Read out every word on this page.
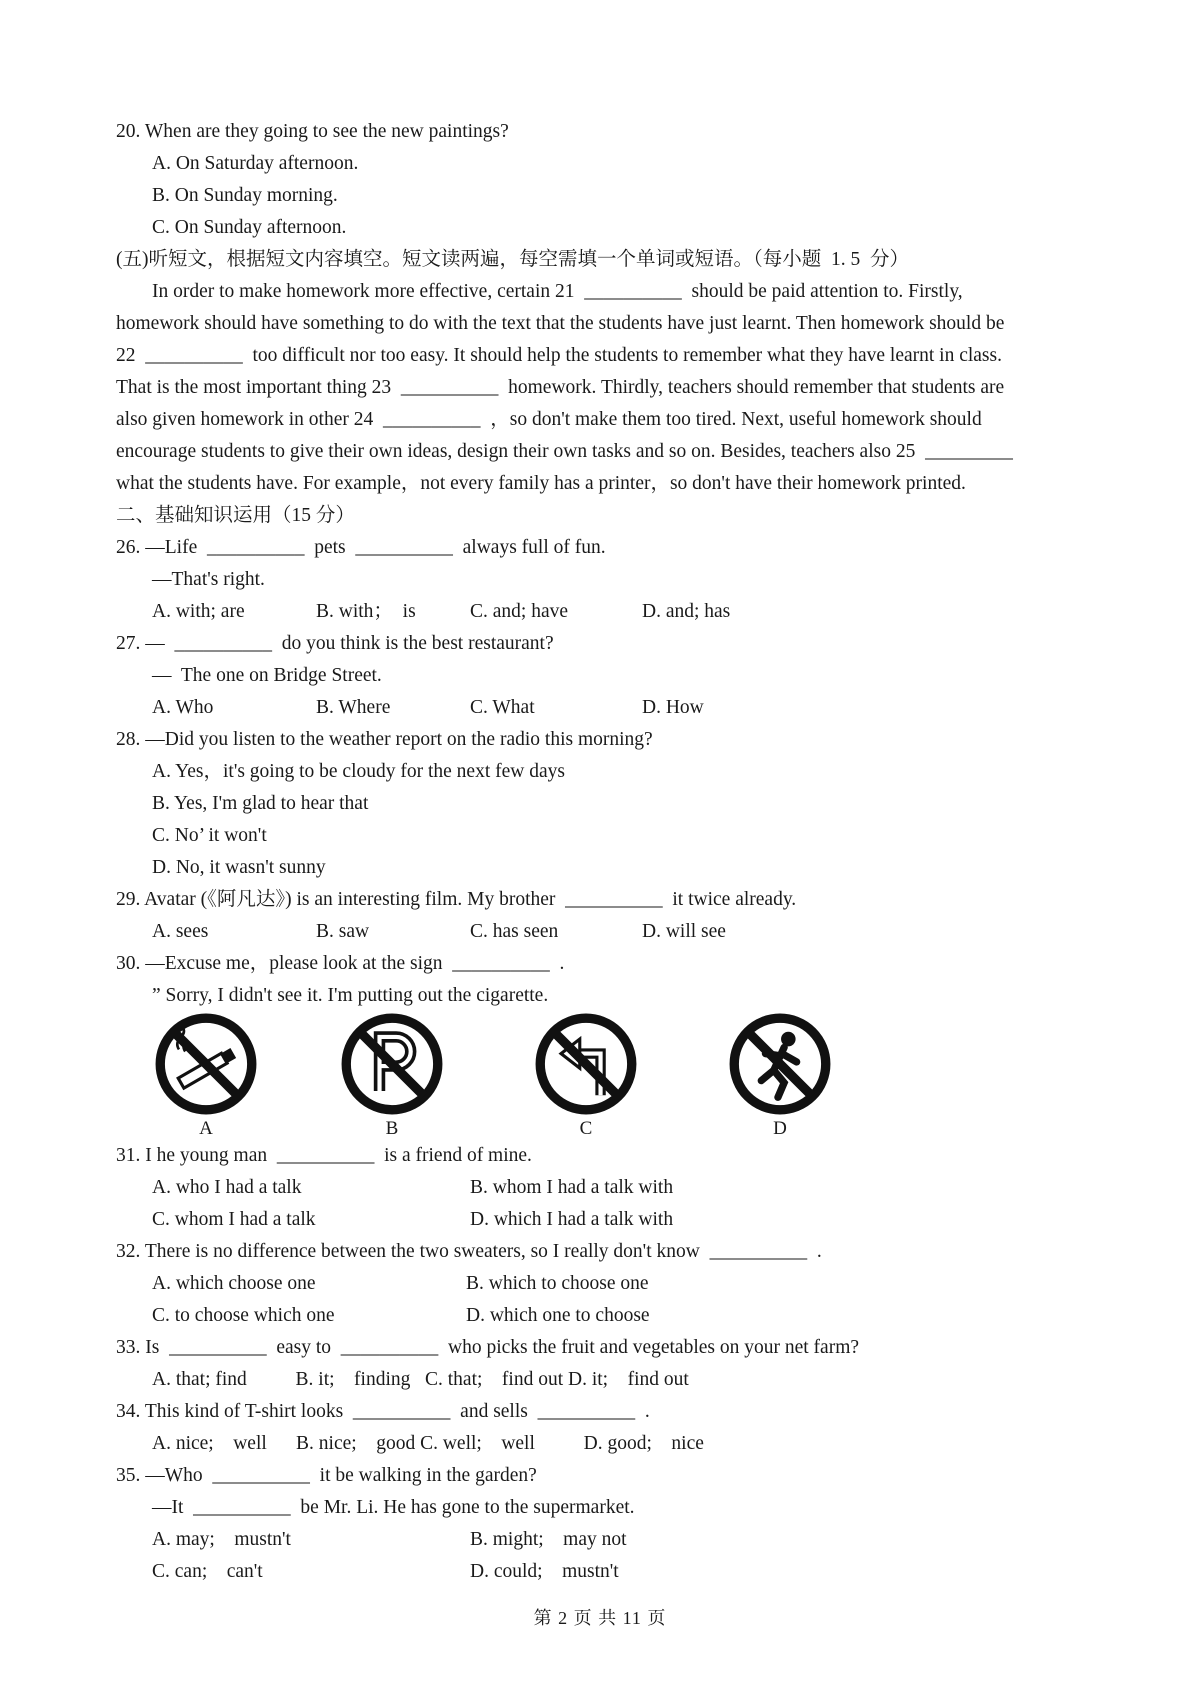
20. When are they going to see the new paintings?
A. On Saturday afternoon.
B. On Sunday morning.
C. On Sunday afternoon.
(五)听短文，根据短文内容填空。短文读两遍，每空需填一个单词或短语。（每小题  1. 5  分）
In order to make homework more effective, certain 21  __________  should be paid attention to. Firstly,
homework should have something to do with the text that the students have just learnt. Then homework should be
22  __________  too difficult nor too easy. It should help the students to remember what they have learnt in class.
That is the most important thing 23  __________  homework. Thirdly, teachers should remember that students are
also given homework in other 24  __________  ，so don't make them too tired. Next, useful homework should
encourage students to give their own ideas, design their own tasks and so on. Besides, teachers also 25  _________
what the students have. For example，not every family has a printer，so don't have their homework printed.
二、基础知识运用（15 分）
26. —Life  __________  pets  __________  always full of fun.
—That's right.
A. with; are	B. with；  is	C. and; have	D. and; has
27. —  __________  do you think is the best restaurant?
—  The one on Bridge Street.
A. Who	B. Where	C. What	D. How
28. —Did you listen to the weather report on the radio this morning?
A. Yes，it's going to be cloudy for the next few days
B. Yes, I'm glad to hear that
C. No’ it won't
D. No, it wasn't sunny
29. Avatar (《阿凡达》) is an interesting film. My brother  __________  it twice already.
A. sees	B. saw	C. has seen	D. will see
30. —Excuse me，please look at the sign  __________  .
” Sorry, I didn't see it. I'm putting out the cigarette.
A	B	C	D
31. I he young man  __________  is a friend of mine.
A. who I had a talk	B. whom I had a talk with
C. whom I had a talk	D. which I had a talk with
32. There is no difference between the two sweaters, so I really don't know  __________  .
A. which choose one	B. which to choose one
C. to choose which one	D. which one to choose
33. Is  __________  easy to  __________  who picks the fruit and vegetables on your net farm?
A. that; find          B. it;    finding   C. that;    find out D. it;    find out
34. This kind of T-shirt looks  __________  and sells  __________  .
A. nice;    well      B. nice;    good C. well;    well          D. good;    nice
35. —Who  __________  it be walking in the garden?
—It  __________  be Mr. Li. He has gone to the supermarket.
A. may;    mustn't	B. might;    may not
C. can;    can't	D. could;    mustn't
第 2 页 共 11 页
